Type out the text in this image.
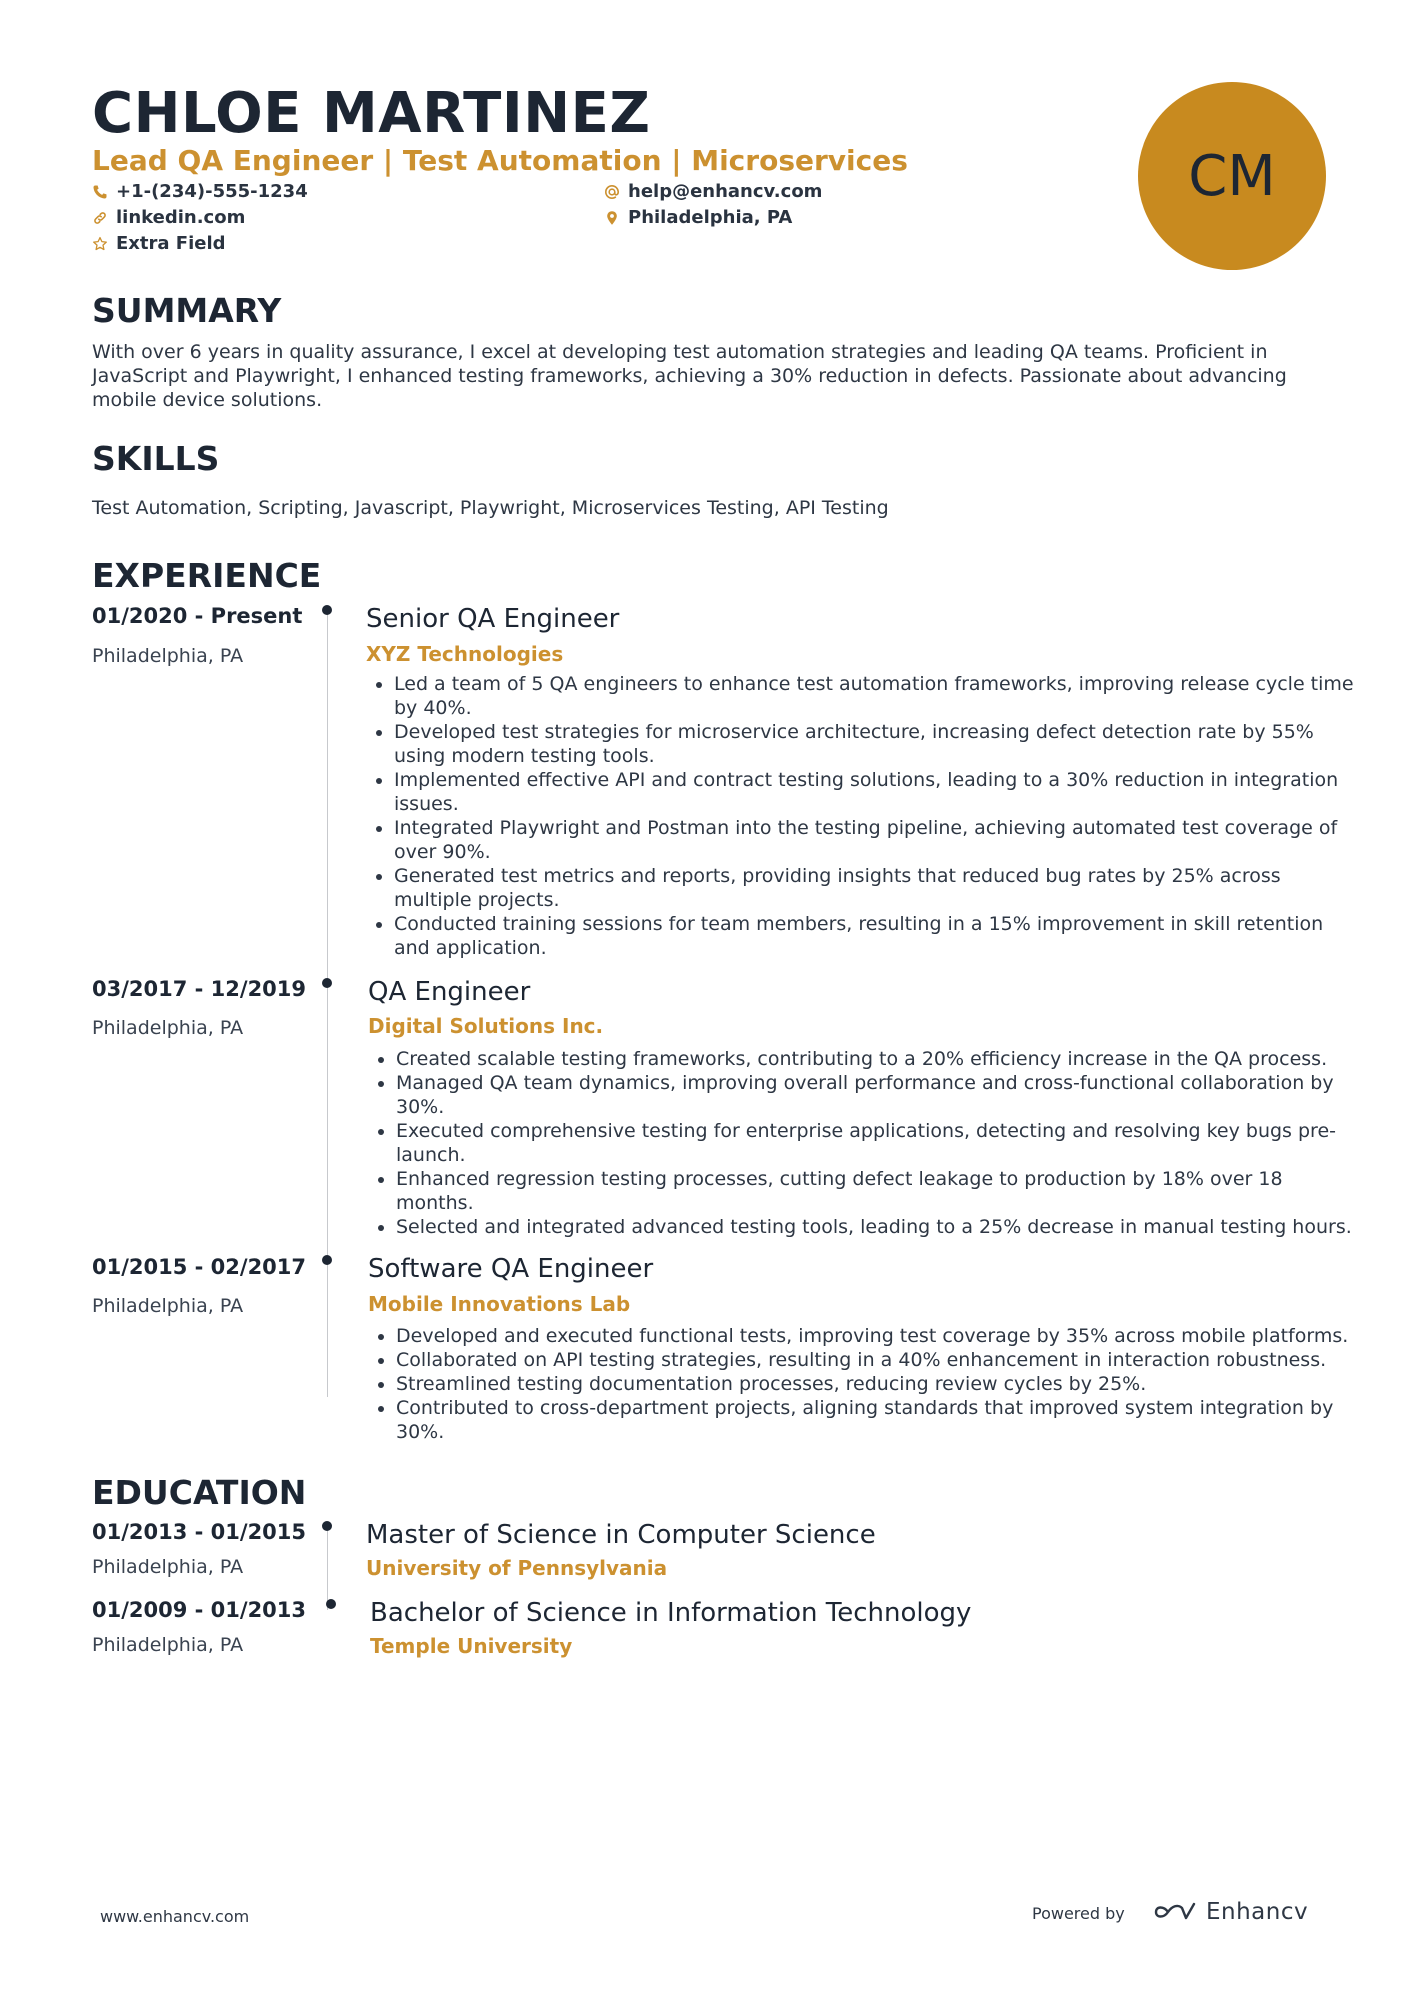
CHLOE MARTINEZ
Lead QA Engineer | Test Automation | Microservices
+1-(234)-555-1234	help@enhancv.com
linkedin.com	Philadelphia, PA
Extra Field
CM
SUMMARY

With over 6 years in quality assurance, I excel at developing test automation strategies and leading QA teams. Proficient in JavaScript and Playwright, I enhanced testing frameworks, achieving a 30% reduction in defects. Passionate about advancing mobile device solutions.

SKILLS

Test Automation, Scripting, Javascript, Playwright, Microservices Testing, API Testing

EXPERIENCE
01/2020 - Present
Philadelphia, PA
Senior QA Engineer
XYZ Technologies
• Led a team of 5 QA engineers to enhance test automation frameworks, improving release cycle time by 40%.
• Developed test strategies for microservice architecture, increasing defect detection rate by 55% using modern testing tools.
• Implemented effective API and contract testing solutions, leading to a 30% reduction in integration issues.
• Integrated Playwright and Postman into the testing pipeline, achieving automated test coverage of over 90%.
• Generated test metrics and reports, providing insights that reduced bug rates by 25% across multiple projects.
• Conducted training sessions for team members, resulting in a 15% improvement in skill retention and application.
03/2017 - 12/2019
Philadelphia, PA
QA Engineer
Digital Solutions Inc.
• Created scalable testing frameworks, contributing to a 20% efficiency increase in the QA process.
• Managed QA team dynamics, improving overall performance and cross-functional collaboration by 30%.
• Executed comprehensive testing for enterprise applications, detecting and resolving key bugs pre-launch.
• Enhanced regression testing processes, cutting defect leakage to production by 18% over 18 months.
• Selected and integrated advanced testing tools, leading to a 25% decrease in manual testing hours.
01/2015 - 02/2017
Philadelphia, PA
Software QA Engineer
Mobile Innovations Lab
• Developed and executed functional tests, improving test coverage by 35% across mobile platforms.
• Collaborated on API testing strategies, resulting in a 40% enhancement in interaction robustness.
• Streamlined testing documentation processes, reducing review cycles by 25%.
• Contributed to cross-department projects, aligning standards that improved system integration by 30%.
EDUCATION
01/2013 - 01/2015
Philadelphia, PA
Master of Science in Computer Science
University of Pennsylvania
01/2009 - 01/2013
Philadelphia, PA
Bachelor of Science in Information Technology
Temple University
www.enhancv.com	Powered by	Enhancv
